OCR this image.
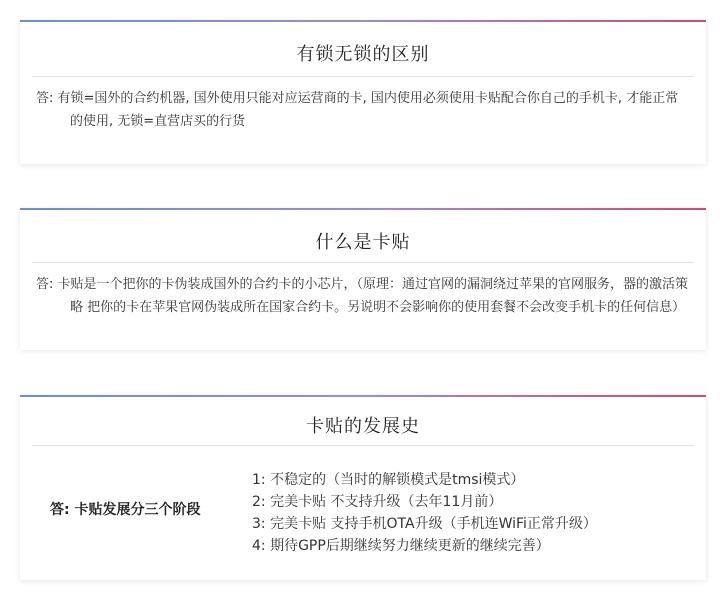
有锁无锁的区别
答: 有锁=国外的合约机器, 国外使用只能对应运营商的卡, 国内使用必须使用卡贴配合你自己的手机卡, 才能正常的使用, 无锁=直营店买的行货
什么是卡贴
答: 卡贴是一个把你的卡伪装成国外的合约卡的小芯片，（原理：通过官网的漏洞绕过苹果的官网服务，器的激活策略 把你的卡在苹果官网伪装成所在国家合约卡。另说明不会影响你的使用套餐不会改变手机卡的任何信息）
卡贴的发展史
答: 卡贴发展分三个阶段
1: 不稳定的（当时的解锁模式是tmsi模式）
2: 完美卡贴 不支持升级（去年11月前）
3: 完美卡贴 支持手机OTA升级（手机连WiFi正常升级）
4: 期待GPP后期继续努力继续更新的继续完善）
